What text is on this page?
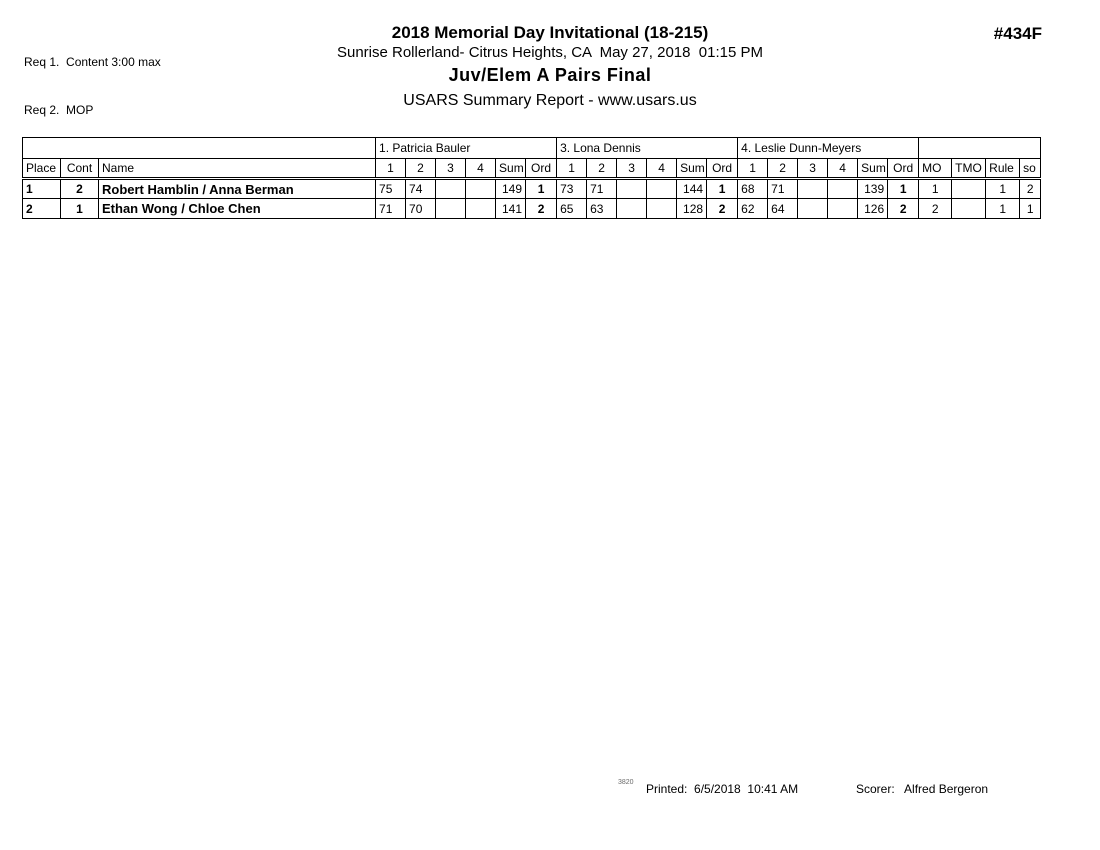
Req 1.  Content 3:00 max

Req 2.  MOP

2018 Memorial Day Invitational (18-215)
Sunrise Rollerland- Citrus Heights, CA  May 27, 2018  01:15 PM
Juv/Elem A Pairs Final
USARS Summary Report - www.usars.us
#434F
			1. Patricia Bauler						3. Lona Dennis						4. Leslie Dunn-Meyers									
Place	Cont	Name	1	2	3	4	Sum	Ord	1	2	3	4	Sum	Ord	1	2	3	4	Sum	Ord	MO	TMO	Rule	so
1	2	Robert Hamblin / Anna Berman	75	74			149	1	73	71			144	1	68	71			139	1	1		1	2
2	1	Ethan Wong / Chloe Chen	71	70			141	2	65	63			128	2	62	64			126	2	2		1	1
3820 Printed:  6/5/2018  10:41 AM	Scorer:   Alfred Bergeron
